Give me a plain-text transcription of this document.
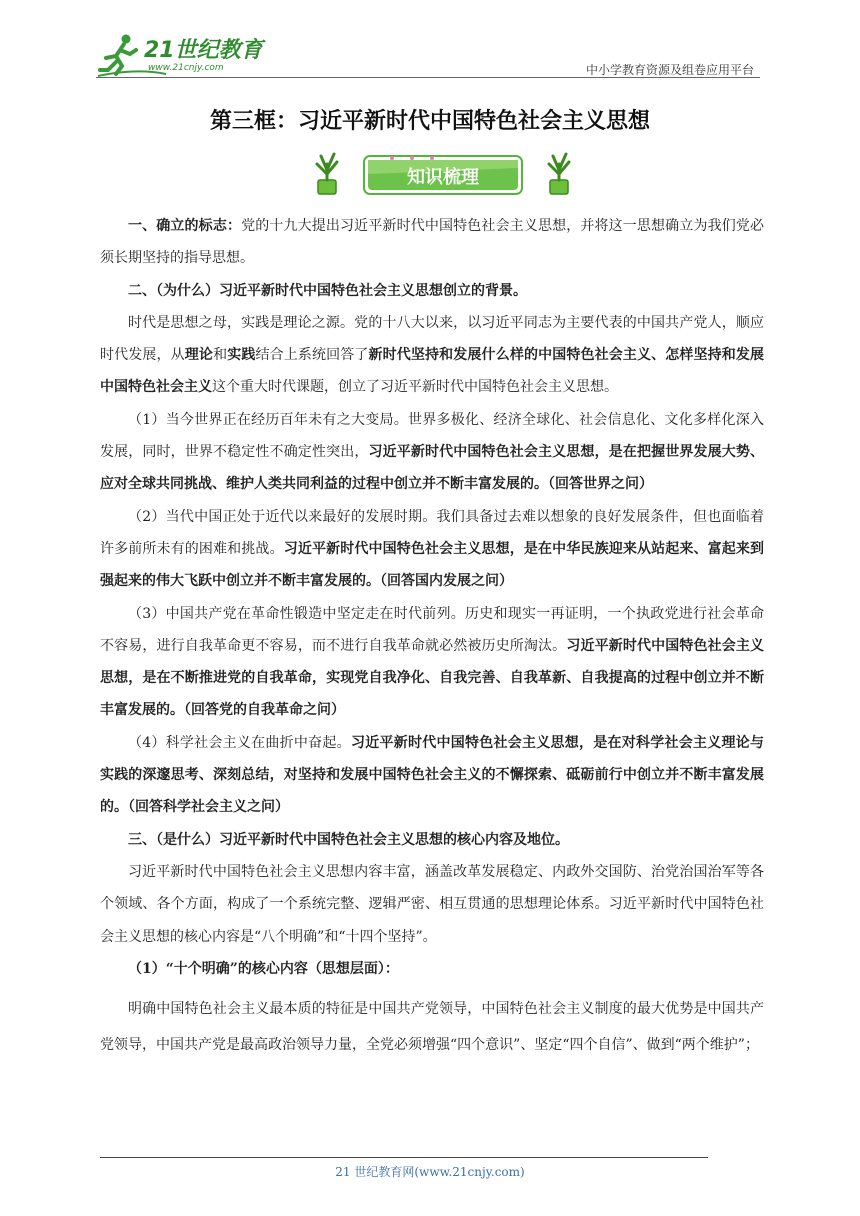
21世纪教育
www.21cnjy.com	中小学教育资源及组卷应用平台
第三框：习近平新时代中国特色社会主义思想
知识梳理

一、确立的标志：党的十九大提出习近平新时代中国特色社会主义思想，并将这一思想确立为我们党必须长期坚持的指导思想。

二、（为什么）习近平新时代中国特色社会主义思想创立的背景。

时代是思想之母，实践是理论之源。党的十八大以来，以习近平同志为主要代表的中国共产党人，顺应时代发展，从理论和实践结合上系统回答了新时代坚持和发展什么样的中国特色社会主义、怎样坚持和发展中国特色社会主义这个重大时代课题，创立了习近平新时代中国特色社会主义思想。

（1）当今世界正在经历百年未有之大变局。世界多极化、经济全球化、社会信息化、文化多样化深入发展，同时，世界不稳定性不确定性突出，习近平新时代中国特色社会主义思想，是在把握世界发展大势、应对全球共同挑战、维护人类共同利益的过程中创立并不断丰富发展的。（回答世界之问）

（2）当代中国正处于近代以来最好的发展时期。我们具备过去难以想象的良好发展条件，但也面临着许多前所未有的困难和挑战。习近平新时代中国特色社会主义思想，是在中华民族迎来从站起来、富起来到强起来的伟大飞跃中创立并不断丰富发展的。（回答国内发展之问）

（3）中国共产党在革命性锻造中坚定走在时代前列。历史和现实一再证明，一个执政党进行社会革命不容易，进行自我革命更不容易，而不进行自我革命就必然被历史所淘汰。习近平新时代中国特色社会主义思想，是在不断推进党的自我革命，实现党自我净化、自我完善、自我革新、自我提高的过程中创立并不断丰富发展的。（回答党的自我革命之问）

（4）科学社会主义在曲折中奋起。习近平新时代中国特色社会主义思想，是在对科学社会主义理论与实践的深邃思考、深刻总结，对坚持和发展中国特色社会主义的不懈探索、砥砺前行中创立并不断丰富发展的。（回答科学社会主义之问）

三、（是什么）习近平新时代中国特色社会主义思想的核心内容及地位。

习近平新时代中国特色社会主义思想内容丰富，涵盖改革发展稳定、内政外交国防、治党治国治军等各个领域、各个方面，构成了一个系统完整、逻辑严密、相互贯通的思想理论体系。习近平新时代中国特色社会主义思想的核心内容是“八个明确”和“十四个坚持”。

（1）“十个明确”的核心内容（思想层面）：

明确中国特色社会主义最本质的特征是中国共产党领导，中国特色社会主义制度的最大优势是中国共产党领导，中国共产党是最高政治领导力量，全党必须增强“四个意识”、坚定“四个自信”、做到“两个维护”；

21 世纪教育网(www.21cnjy.com)
